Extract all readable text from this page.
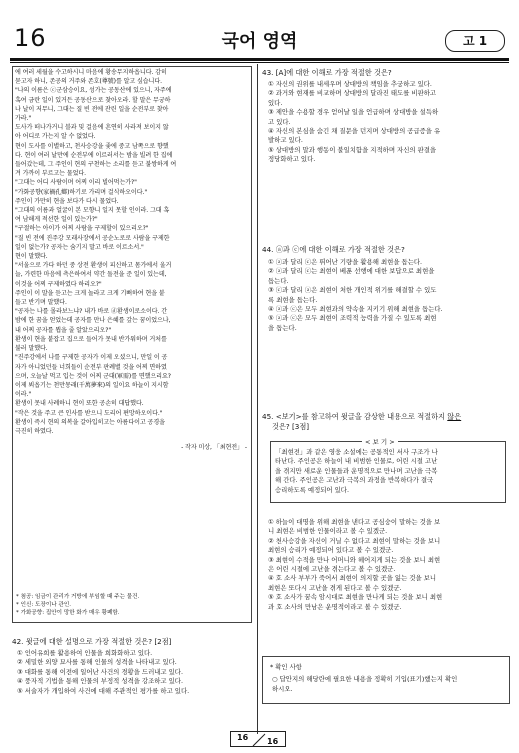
16	국어 영역	고 1
에 여러 세월을 수고하시니 마음에 황송무지하옵니다. 감히
묻고자 하니, 존공의 거주와 존호(尊號)를 알고 싶습니다.
"나의 이름은 ⓒ군삼승이요, 성가는 공동산에 있으니, 자주에
혹여 금란 일이 있거든 공동산으로 찾아오라. 할 말은 무궁하
나 날이 저무니, 그대는 질 빈 전에 잔린 일을 순전부로 찾아
가라."
도사가 떠나가거니 블과 및 걸음에 흔연히 사라져 보이지 않
아 어디로 가는지 알 수 없었다.
현이 도사를 이별하고, 천사승강을 좇에 중고 남쪽으로 향했
다. 현이 여러 날만에 순전부에 이르러서는 밤을 빌려 한 집에
들어갔는데, 그 주인이 현의 구천하는 소리를 듣고 불쌍하게 여
겨 가까이 부르고는 물었다.
"그대는 어디 사람이며 어찌 이리 빌어먹는가?"
"가화공향(家禍孔鄕)하기로 가리며 걸식하오이다."
주인이 가만히 현을 보다가 다시 물었다.
"그대의 이름과 얼굴이 본 모향니 일지 못할 인이라. 그대 혹
여 남해게 적선한 일이 있는가?"
"구절하는 아이가 어찌 사람을 구제할이 있으리오?"
"질 빈 전에 진주강 모래사장에서 공순노로로 사람을 구제한
일이 없는가? 공자는 숨기지 말고 바로 이르소서."
현이 말했다.
"서울으로 가다 하던 중 상전 환생이 피신하고 몸가에서 울거
늘, 가련한 마음에 측은하여서 약간 돌전을 준 일이 있는데,
이것을 어찌 구제하였다 하리오?"
주인이 이 말을 듣고는 크게 놀라고 크게 기뻐하여 현을 붙
들고 반기며 말했다.
"공자는 나를 몰라보느냐? 내가 바로 ⓓ환생이로소이다. 간
밤에 한 꿈을 얻었는데 공자를 만나 은혜를 갚는 꿈이었으나,
내 어찌 공자를 뵙을 줄 알았으리오?"
환생이 현을 붙잡고 집으로 들어가 못내 반가워하며 거처를
불러 말했다.
"진주강에서 나를 구제한 공자가 이제 오셨으니, 만일 이 공
자가 아니었던들 너희들이 순전부 판례별 것을 어찌 면하였
으며, 오늘날 먹고 입는 것이 어찌 군대(軍需)를 면했으리요?
이제 뵈옵기는 천만몽래(千萬夢來)의 일이요 하늘이 지시함
이라."
환생이 못내 사례하니 현이 또한 공손히 대답했다.
"작은 것을 주고 큰 인사를 받으니 도리어 편망하오이다."
환생이 즉시 현의 의복을 갈아입히고는 아름다이고 공경을
극진히 하였다.
- 작자 미상, 「최현전」 -
* 첨공: 임금이 관리가 거방에 부임할 때 주는 물건.
* 인신: 도장이나 관인.
* 가화공향: 집안이 망한 화가 매우 황폐함.
42. 윗글에 대한 설명으로 가장 적절한 것은? [2점]
① 인어유희를 활용하여 인물을 희화화하고 있다.
② 세밀한 외양 묘사를 통해 인물의 성격을 나타내고 있다.
③ 대화를 통해 이전에 일어난 사건의 경황을 드러내고 있다.
④ 풍자적 기법을 통해 인물의 부정적 성격을 강조하고 있다.
⑤ 서술자가 개입하여 사건에 대해 주관적인 평가를 하고 있다.
43. [A]에 대한 이해로 가장 적절한 것은?
① 자신의 권위를 내세우며 상대방의 책임을 추궁하고 있다.
② 과거와 현재를 비교하며 상대방의 달라진 태도를 비판하고
있다.
③ 제안을 수용할 경우 얻어날 일을 언급하며 상대방을 설득하
고 있다.
④ 자신의 본심을 숨긴 채 질문을 던지며 상대방의 공급증을 유
발하고 있다.
⑤ 상대방의 말과 행동이 불일치함을 지적하며 자신의 판결을
정당화하고 있다.
44. ⓐ과 ⓒ에 대한 이해로 가장 적절한 것은?
① ⓐ과 달리 ⓒ은 뛰어난 기량을 활용해 최현을 돕는다.
② ⓐ과 달리 ⓒ는 최현이 베푼 선행에 대한 보답으로 최현을
돕는다.
③ ⓒ과 달리 ⓐ은 최현이 처한 개인적 위기를 해결할 수 있도
록 최현을 돕는다.
④ ⓐ과 ⓒ은 모두 최현과의 약속을 지키기 위해 최현을 돕는다.
⑤ ⓐ과 ⓒ은 모두 최현이 조력적 능력을 가질 수 있도록 최현
을 돕는다.
45. <보기>를 참고하여 윗글을 감상한 내용으로 적절하지 않은
것은? [3점]
< 보 기 >
「최현전」과 같은 영웅 소설에는 공통적인 서사 구조가 나
타난다. 주인공은 하늘이 내 비범한 인물로, 어린 시절 고난
을 겪지만 새로운 인물들과 운명적으로 만나며 고난을 극복
해 간다. 주인공은 고난과 극복의 과정을 반복하다가 결국
승리하도록 예정되어 있다.
① 하늘이 대명을 위해 최현을 낸다고 공심숭이 말하는 것을 보
니 최현은 비범한 인물이라고 볼 수 있겠군.
② 천사승강을 자신이 거닐 수 없다고 최현이 말하는 것을 보니
최현의 승리가 예정되어 있다고 볼 수 있겠군.
③ 최현이 수적을 만나 어머니와 헤어지게 되는 것을 보니 최현
은 어린 시절에 고난을 겪는다고 볼 수 있겠군.
④ 호 소사 부부가 죽어서 최현이 의지할 곳을 잃는 것을 보니
최현은 또다시 고난을 겪게 된다고 볼 수 있겠군.
⑤ 호 소사가 꿈속 암시대로 최현을 만나게 되는 것을 보니 최현
과 호 소사의 만남은 운명적이라고 볼 수 있겠군.
* 확인 사항
○ 답안지의 해당란에 필요한 내용을 정확히 기입(표기)했는지 확인
하시오.
16 16
